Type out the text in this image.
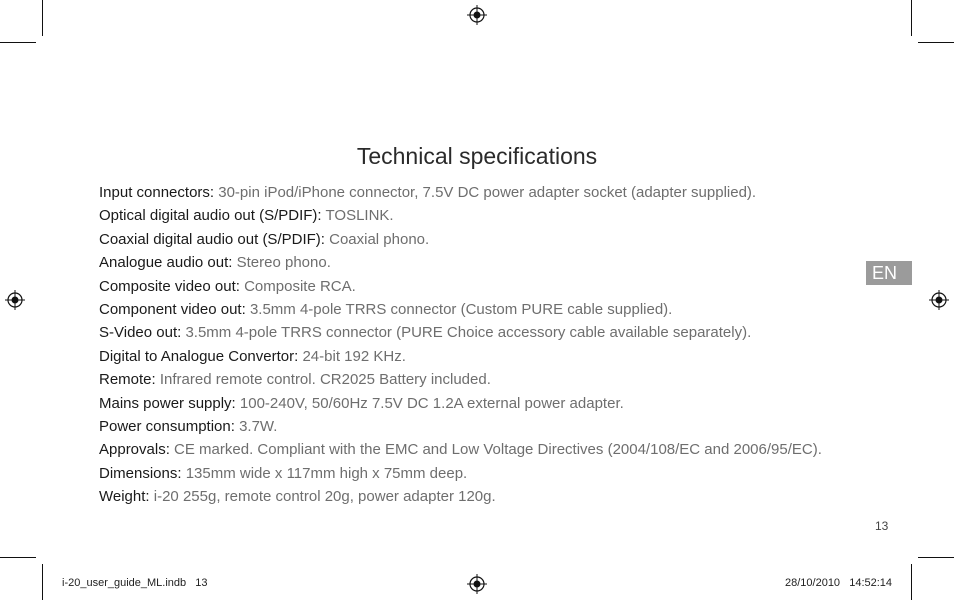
Technical specifications
Input connectors: 30-pin iPod/iPhone connector, 7.5V DC power adapter socket (adapter supplied).
Optical digital audio out (S/PDIF): TOSLINK.
Coaxial digital audio out (S/PDIF): Coaxial phono.
Analogue audio out: Stereo phono.
Composite video out: Composite RCA.
Component video out: 3.5mm 4-pole TRRS connector (Custom PURE cable supplied).
S-Video out: 3.5mm 4-pole TRRS connector (PURE Choice accessory cable available separately).
Digital to Analogue Convertor: 24-bit 192 KHz.
Remote: Infrared remote control. CR2025 Battery included.
Mains power supply: 100-240V, 50/60Hz 7.5V DC 1.2A external power adapter.
Power consumption: 3.7W.
Approvals: CE marked. Compliant with the EMC and Low Voltage Directives (2004/108/EC and 2006/95/EC).
Dimensions: 135mm wide x 117mm high x 75mm deep.
Weight: i-20 255g, remote control 20g, power adapter 120g.
EN
13
i-20_user_guide_ML.indb   13	28/10/2010   14:52:14
